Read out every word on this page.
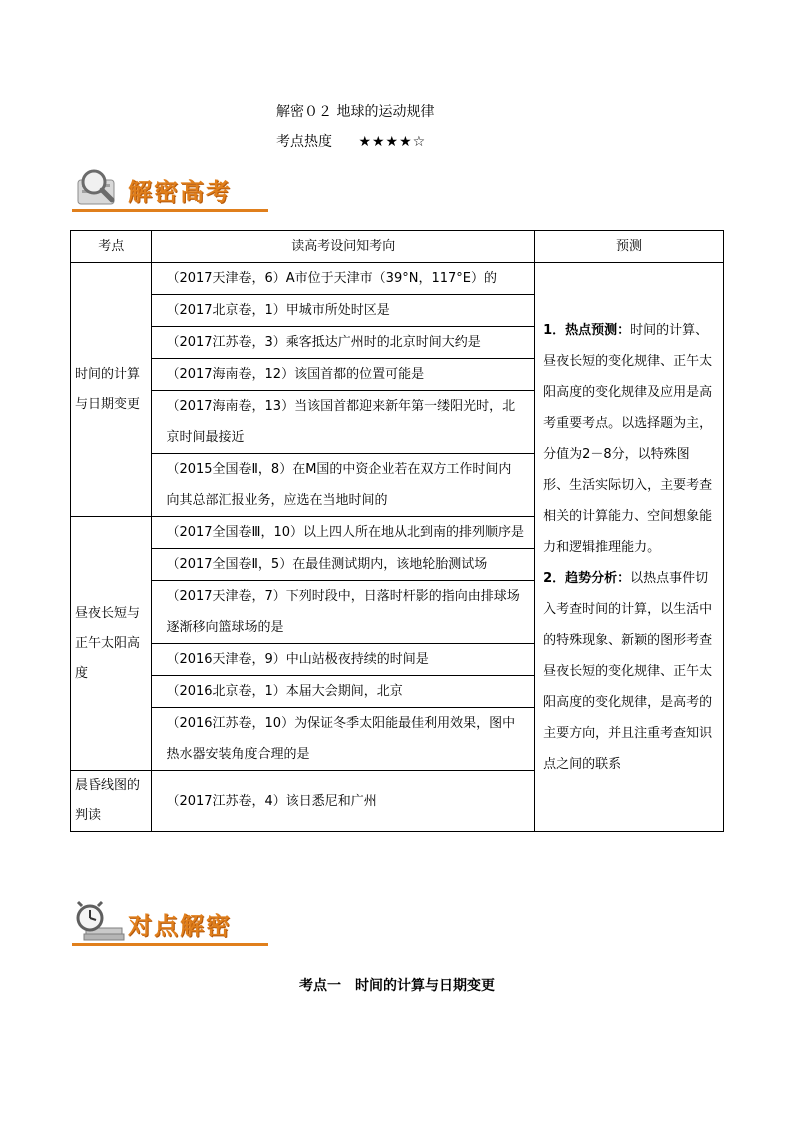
解密０２ 地球的运动规律
考点热度 ★★★★☆
解密高考
考点	读高考设问知考向	预测
时间的计算与日期变更	（2017天津卷，6）A市位于天津市（39°N，117°E）的	1．热点预测：时间的计算、昼夜长短的变化规律、正午太阳高度的变化规律及应用是高考重要考点。以选择题为主，分值为2－8分，以特殊图形、生活实际切入，主要考查相关的计算能力、空间想象能力和逻辑推理能力。
2．趋势分析：以热点事件切入考查时间的计算，以生活中的特殊现象、新颖的图形考查昼夜长短的变化规律、正午太阳高度的变化规律，是高考的主要方向，并且注重考查知识点之间的联系
	（2017北京卷，1）甲城市所处时区是	
	（2017江苏卷，3）乘客抵达广州时的北京时间大约是	
	（2017海南卷，12）该国首都的位置可能是	
	（2017海南卷，13）当该国首都迎来新年第一缕阳光时，北京时间最接近	
	（2015全国卷Ⅱ，8）在M国的中资企业若在双方工作时间内向其总部汇报业务，应选在当地时间的	
昼夜长短与正午太阳高度	（2017全国卷Ⅲ，10）以上四人所在地从北到南的排列顺序是	
	（2017全国卷Ⅱ，5）在最佳测试期内，该地轮胎测试场	
	（2017天津卷，7）下列时段中，日落时杆影的指向由排球场逐渐移向篮球场的是	
	（2016天津卷，9）中山站极夜持续的时间是	
	（2016北京卷，1）本届大会期间，北京	
	（2016江苏卷，10）为保证冬季太阳能最佳利用效果，图中热水器安装角度合理的是	
晨昏线图的判读	（2017江苏卷，4）该日悉尼和广州	
对点解密
考点一　时间的计算与日期变更
